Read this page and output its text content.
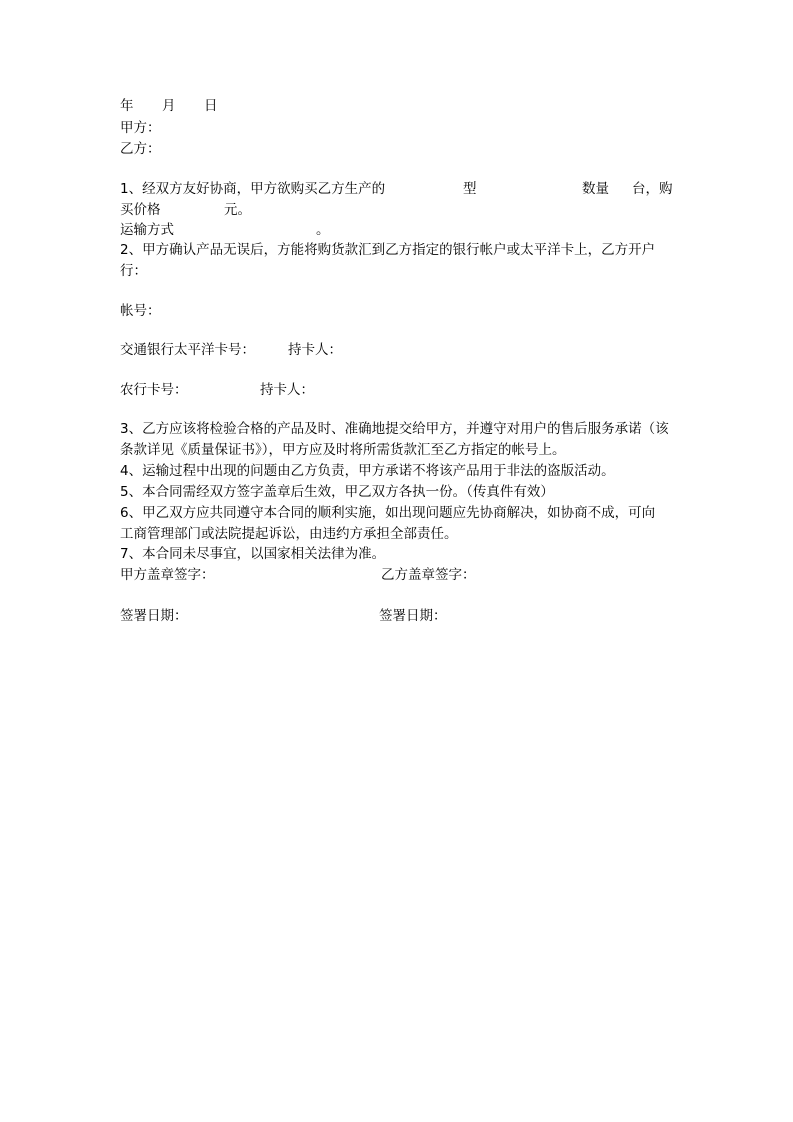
年 月 日
甲方：
乙方：
1、经双方友好协商，甲方欲购买乙方生产的	型	数量 台，购
买价格	元。
运输方式	。
2、甲方确认产品无误后，方能将购货款汇到乙方指定的银行帐户或太平洋卡上，乙方开户
行：
帐号：
交通银行太平洋卡号： 持卡人：
农行卡号：	持卡人：
3、乙方应该将检验合格的产品及时、准确地提交给甲方，并遵守对用户的售后服务承诺（该
条款详见《质量保证书》），甲方应及时将所需货款汇至乙方指定的帐号上。
4、运输过程中出现的问题由乙方负责，甲方承诺不将该产品用于非法的盗版活动。
5、本合同需经双方签字盖章后生效，甲乙双方各执一份。（传真件有效）
6、甲乙双方应共同遵守本合同的顺利实施，如出现问题应先协商解决，如协商不成，可向
工商管理部门或法院提起诉讼，由违约方承担全部责任。
7、本合同未尽事宜，以国家相关法律为准。
甲方盖章签字：	乙方盖章签字：
签署日期：	签署日期：
